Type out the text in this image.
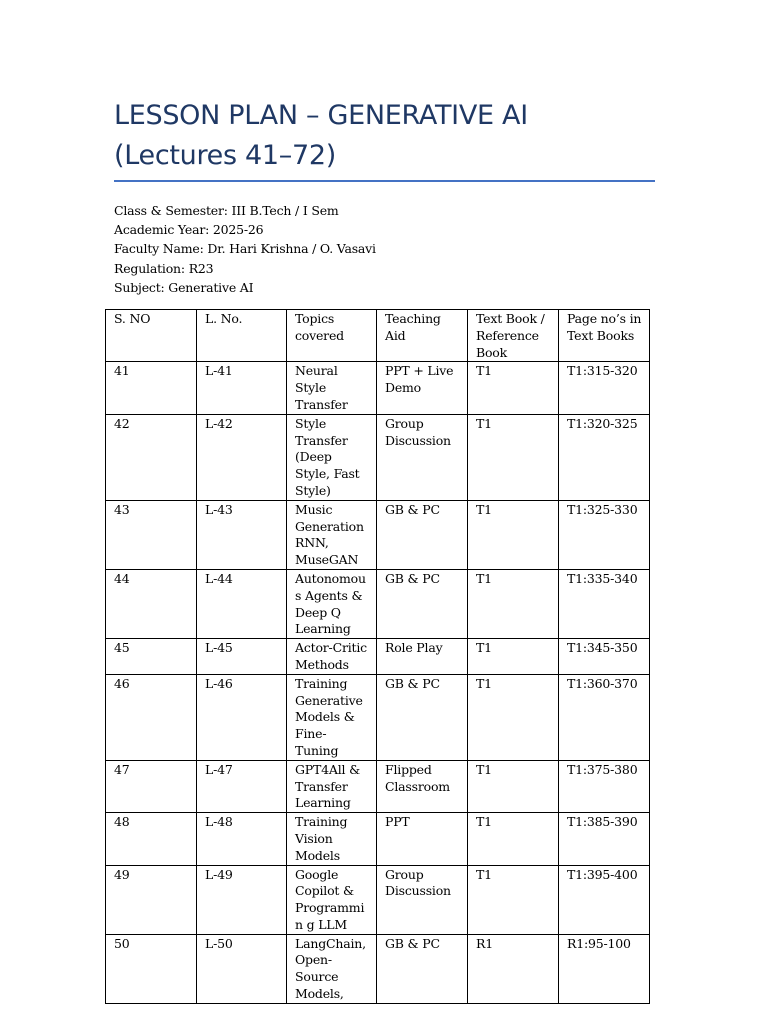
LESSON PLAN – GENERATIVE AI
(Lectures 41–72)
Class & Semester: III B.Tech / I Sem
Academic Year: 2025-26
Faculty Name: Dr. Hari Krishna / O. Vasavi
Regulation: R23
Subject: Generative AI
S. NO	L. No.	Topics covered	Teaching Aid	Text Book / Reference Book	Page no’s in Text Books
41	L-41	Neural Style Transfer	PPT + Live Demo	T1	T1:315-320
42	L-42	Style Transfer (Deep Style, Fast Style)	Group Discussion	T1	T1:320-325
43	L-43	Music Generation RNN, MuseGAN	GB & PC	T1	T1:325-330
44	L-44	Autonomous Agents & Deep Q Learning	GB & PC	T1	T1:335-340
45	L-45	Actor-Critic Methods	Role Play	T1	T1:345-350
46	L-46	Training Generative Models & Fine-Tuning	GB & PC	T1	T1:360-370
47	L-47	GPT4All & Transfer Learning	Flipped Classroom	T1	T1:375-380
48	L-48	Training Vision Models	PPT	T1	T1:385-390
49	L-49	Google Copilot & Programmin g LLM	Group Discussion	T1	T1:395-400
50	L-50	LangChain, Open-Source Models,	GB & PC	R1	R1:95-100
